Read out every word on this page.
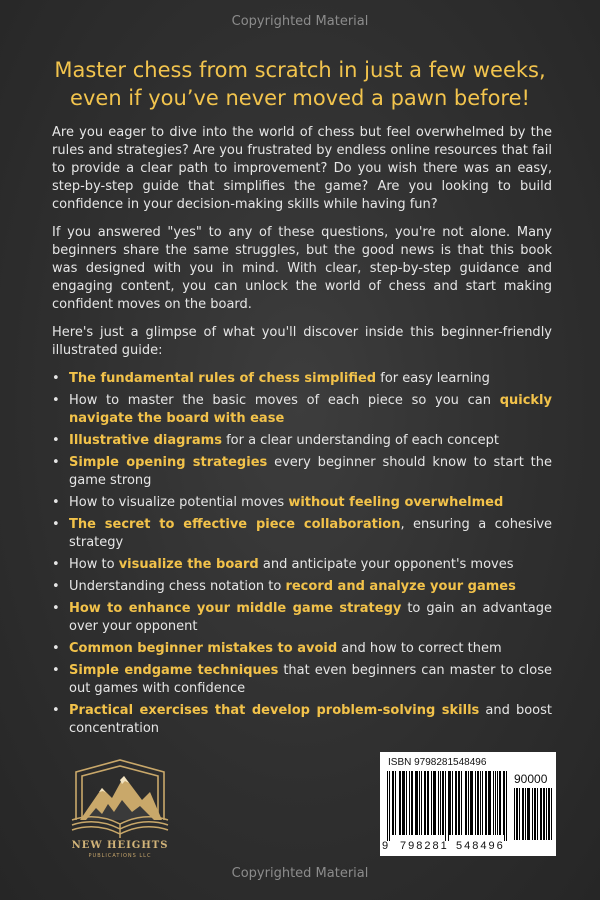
Copyrighted Material
Master chess from scratch in just a few weeks,
even if you’ve never moved a pawn before!

Are you eager to dive into the world of chess but feel overwhelmed by the rules and strategies? Are you frustrated by endless online resources that fail to provide a clear path to improvement? Do you wish there was an easy, step-by-step guide that simplifies the game? Are you looking to build confidence in your decision-making skills while having fun?

If you answered "yes" to any of these questions, you're not alone. Many beginners share the same struggles, but the good news is that this book was designed with you in mind. With clear, step-by-step guidance and engaging content, you can unlock the world of chess and start making confident moves on the board.

Here's just a glimpse of what you'll discover inside this beginner-friendly illustrated guide:

• The fundamental rules of chess simplified for easy learning
• How to master the basic moves of each piece so you can quickly navigate the board with ease
• Illustrative diagrams for a clear understanding of each concept
• Simple opening strategies every beginner should know to start the game strong
• How to visualize potential moves without feeling overwhelmed
• The secret to effective piece collaboration, ensuring a cohesive strategy
• How to visualize the board and anticipate your opponent's moves
• Understanding chess notation to record and analyze your games
• How to enhance your middle game strategy to gain an advantage over your opponent
• Common beginner mistakes to avoid and how to correct them
• Simple endgame techniques that even beginners can master to close out games with confidence
• Practical exercises that develop problem-solving skills and boost concentration
NEW HEIGHTS
PUBLICATIONS LLC
ISBN 9798281548496
90000
9 798281 548496
Copyrighted Material
